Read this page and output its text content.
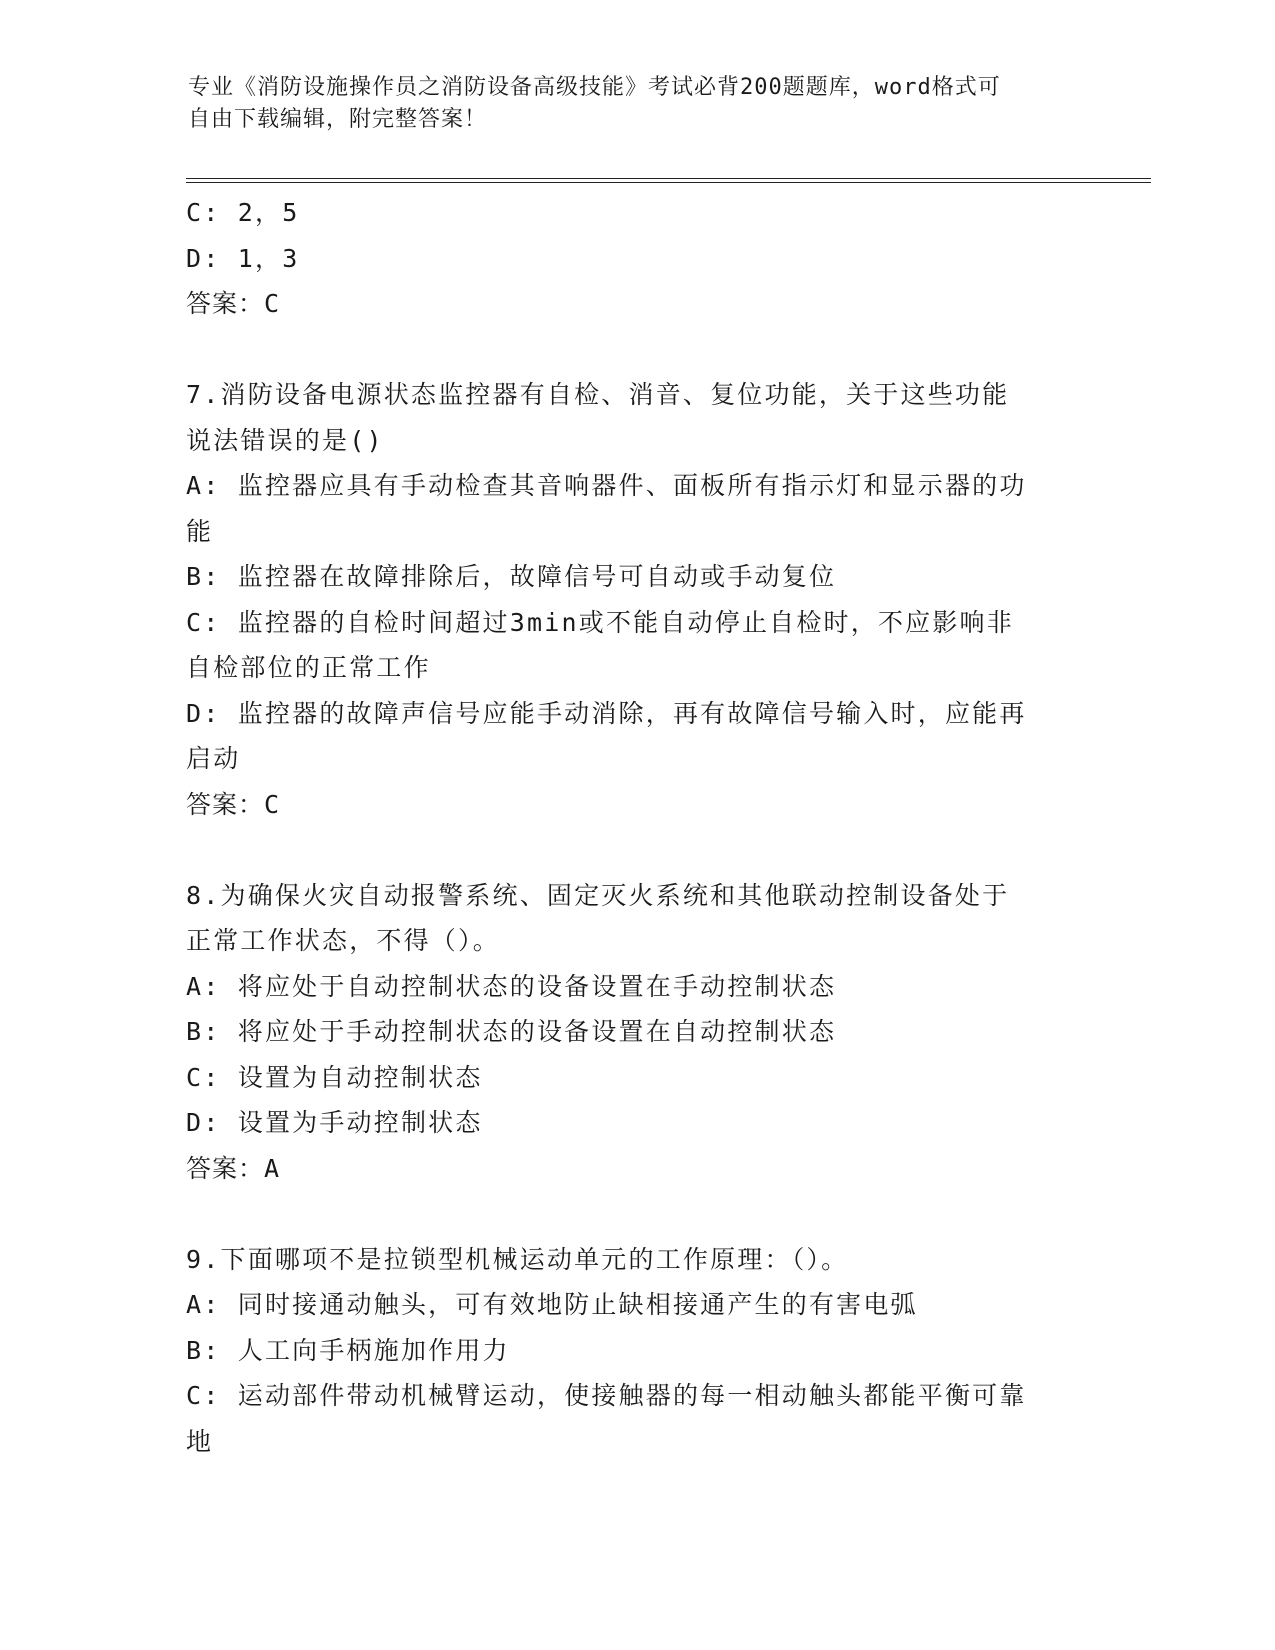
专业《消防设施操作员之消防设备高级技能》考试必背200题题库，word格式可
自由下载编辑，附完整答案！
C: 2，5
D: 1，3
答案：C
7.消防设备电源状态监控器有自检、消音、复位功能，关于这些功能
说法错误的是()
A: 监控器应具有手动检查其音响器件、面板所有指示灯和显示器的功
能
B: 监控器在故障排除后，故障信号可自动或手动复位
C: 监控器的自检时间超过3min或不能自动停止自检时，不应影响非
自检部位的正常工作
D: 监控器的故障声信号应能手动消除，再有故障信号输入时，应能再
启动
答案：C
8.为确保火灾自动报警系统、固定灭火系统和其他联动控制设备处于
正常工作状态，不得（）。
A: 将应处于自动控制状态的设备设置在手动控制状态
B: 将应处于手动控制状态的设备设置在自动控制状态
C: 设置为自动控制状态
D: 设置为手动控制状态
答案：A
9.下面哪项不是拉锁型机械运动单元的工作原理：（）。
A: 同时接通动触头，可有效地防止缺相接通产生的有害电弧
B: 人工向手柄施加作用力
C: 运动部件带动机械臂运动，使接触器的每一相动触头都能平衡可靠
地
